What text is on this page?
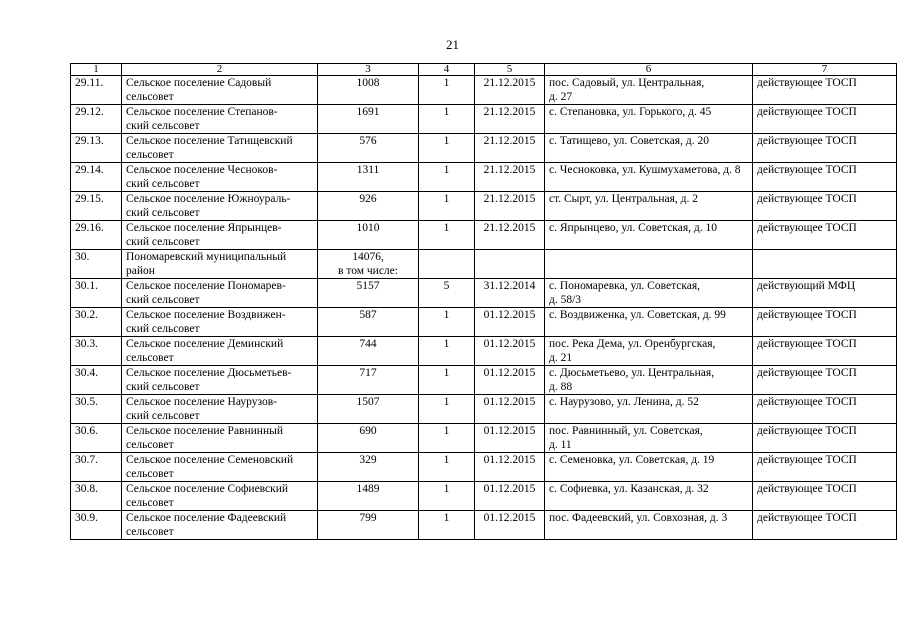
21
1	2	3	4	5	6	7

29.11.	Сельское поселение Садовый
сельсовет	1008	1	21.12.2015	пос. Садовый, ул. Центральная,
д. 27	действующее ТОСП

29.12.	Сельское поселение Степанов-
ский сельсовет	1691	1	21.12.2015	с. Степановка, ул. Горького, д. 45	действующее ТОСП

29.13.	Сельское поселение Татищевский
сельсовет	576	1	21.12.2015	с. Татищево, ул. Советская, д. 20	действующее ТОСП

29.14.	Сельское поселение Чесноков-
ский сельсовет	1311	1	21.12.2015	с. Чесноковка, ул. Кушмухаметова, д. 8	действующее ТОСП

29.15.	Сельское поселение Южноураль-
ский сельсовет	926	1	21.12.2015	ст. Сырт, ул. Центральная, д. 2	действующее ТОСП

29.16.	Сельское поселение Япрынцев-
ский сельсовет	1010	1	21.12.2015	с. Япрынцево, ул. Советская, д. 10	действующее ТОСП

30.	Пономаревский муниципальный
район	14076,
в том числе:				

30.1.	Сельское поселение Пономарев-
ский сельсовет	5157	5	31.12.2014	с. Пономаревка, ул. Советская,
д. 58/3	действующий МФЦ

30.2.	Сельское поселение Воздвижен-
ский сельсовет	587	1	01.12.2015	с. Воздвиженка, ул. Советская, д. 99	действующее ТОСП

30.3.	Сельское поселение Деминский
сельсовет	744	1	01.12.2015	пос. Река Дема, ул. Оренбургская,
д. 21	действующее ТОСП

30.4.	Сельское поселение Дюсьметьев-
ский сельсовет	717	1	01.12.2015	с. Дюсьметьево, ул. Центральная,
д. 88	действующее ТОСП

30.5.	Сельское поселение Наурузов-
ский сельсовет	1507	1	01.12.2015	с. Наурузово, ул. Ленина, д. 52	действующее ТОСП

30.6.	Сельское поселение Равнинный
сельсовет	690	1	01.12.2015	пос. Равнинный, ул. Советская,
д. 11	действующее ТОСП

30.7.	Сельское поселение Семеновский
сельсовет	329	1	01.12.2015	с. Семеновка, ул. Советская, д. 19	действующее ТОСП

30.8.	Сельское поселение Софиевский
сельсовет	1489	1	01.12.2015	с. Софиевка, ул. Казанская, д. 32	действующее ТОСП

30.9.	Сельское поселение Фадеевский
сельсовет	799	1	01.12.2015	пос. Фадеевский, ул. Совхозная, д. 3	действующее ТОСП
